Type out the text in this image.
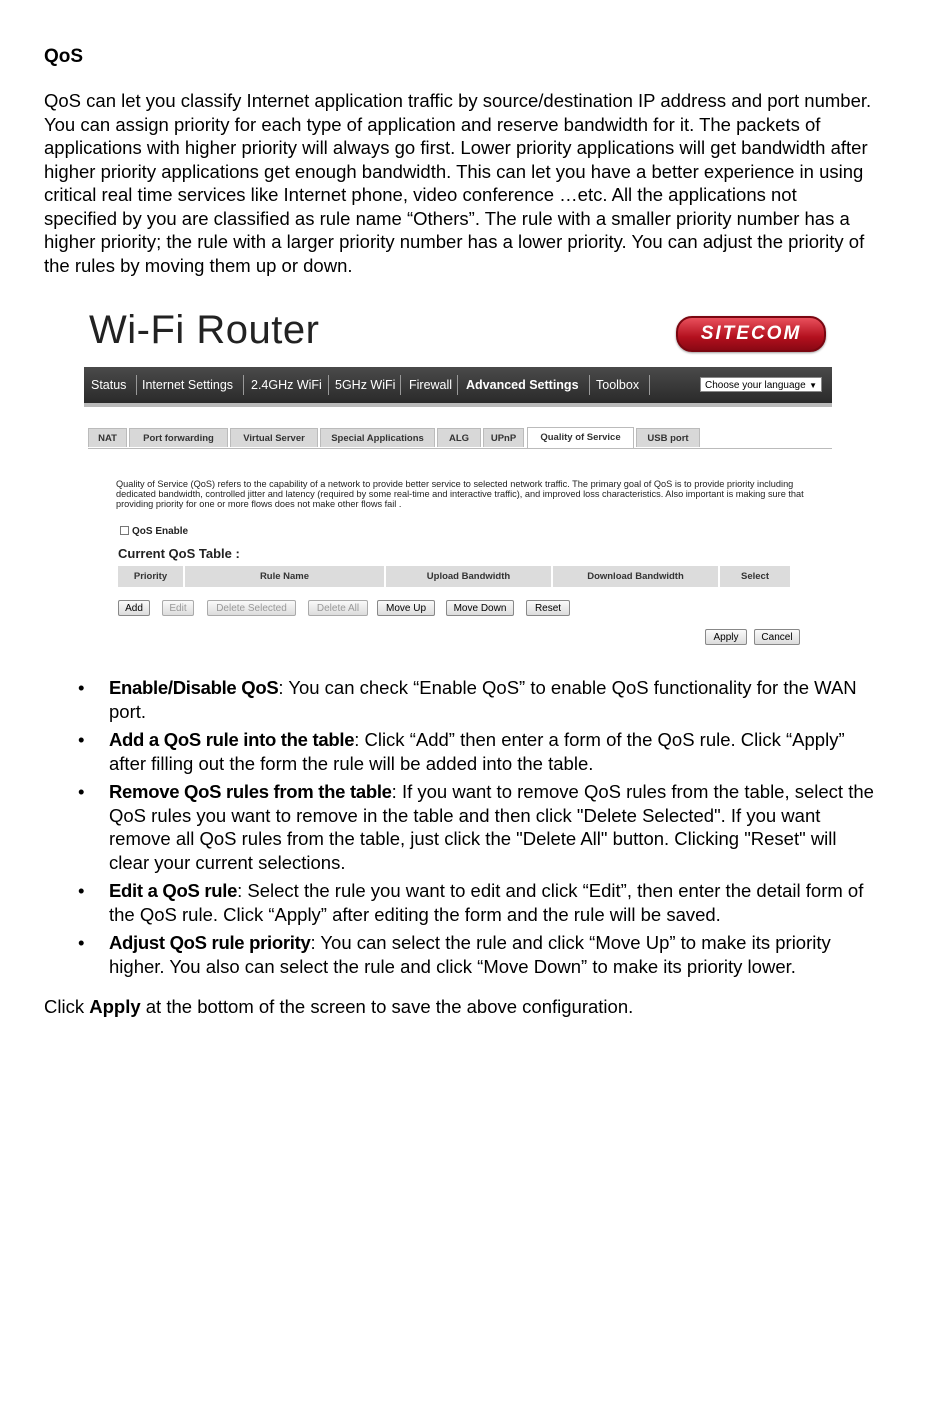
QoS

QoS can let you classify Internet application traffic by source/destination IP address and port number. You can assign priority for each type of application and reserve bandwidth for it. The packets of applications with higher priority will always go first. Lower priority applications will get bandwidth after higher priority applications get enough bandwidth. This can let you have a better experience in using critical real time services like Internet phone, video conference …etc. All the applications not specified by you are classified as rule name “Others”. The rule with a smaller priority number has a higher priority; the rule with a larger priority number has a lower priority. You can adjust the priority of the rules by moving them up or down.

Wi-Fi Router	SITECOM
Status Internet Settings 2.4GHz WiFi 5GHz WiFi Firewall Advanced Settings Toolbox	Choose your language ▼
NAT	Port forwarding	Virtual Server	Special Applications	ALG	UPnP	Quality of Service	USB port

Quality of Service (QoS) refers to the capability of a network to provide better service to selected network traffic. The primary goal of QoS is to provide priority including dedicated bandwidth, controlled jitter and latency (required by some real-time and interactive traffic), and improved loss characteristics. Also important is making sure that providing priority for one or more flows does not make other flows fail .

QoS Enable
Current QoS Table :
Priority	Rule Name	Upload Bandwidth	Download Bandwidth	Select
Add	Edit	Delete Selected	Delete All	Move Up	Move Down	Reset
Apply	Cancel
• Enable/Disable QoS: You can check “Enable QoS” to enable QoS functionality for the WAN port.
• Add a QoS rule into the table: Click “Add” then enter a form of the QoS rule. Click “Apply” after filling out the form the rule will be added into the table.
• Remove QoS rules from the table: If you want to remove QoS rules from the table, select the QoS rules you want to remove in the table and then click "Delete Selected". If you want remove all QoS rules from the table, just click the "Delete All" button. Clicking "Reset" will clear your current selections.
• Edit a QoS rule: Select the rule you want to edit and click “Edit”, then enter the detail form of the QoS rule. Click “Apply” after editing the form and the rule will be saved.
• Adjust QoS rule priority: You can select the rule and click “Move Up” to make its priority higher. You also can select the rule and click “Move Down” to make its priority lower.
Click Apply at the bottom of the screen to save the above configuration.
